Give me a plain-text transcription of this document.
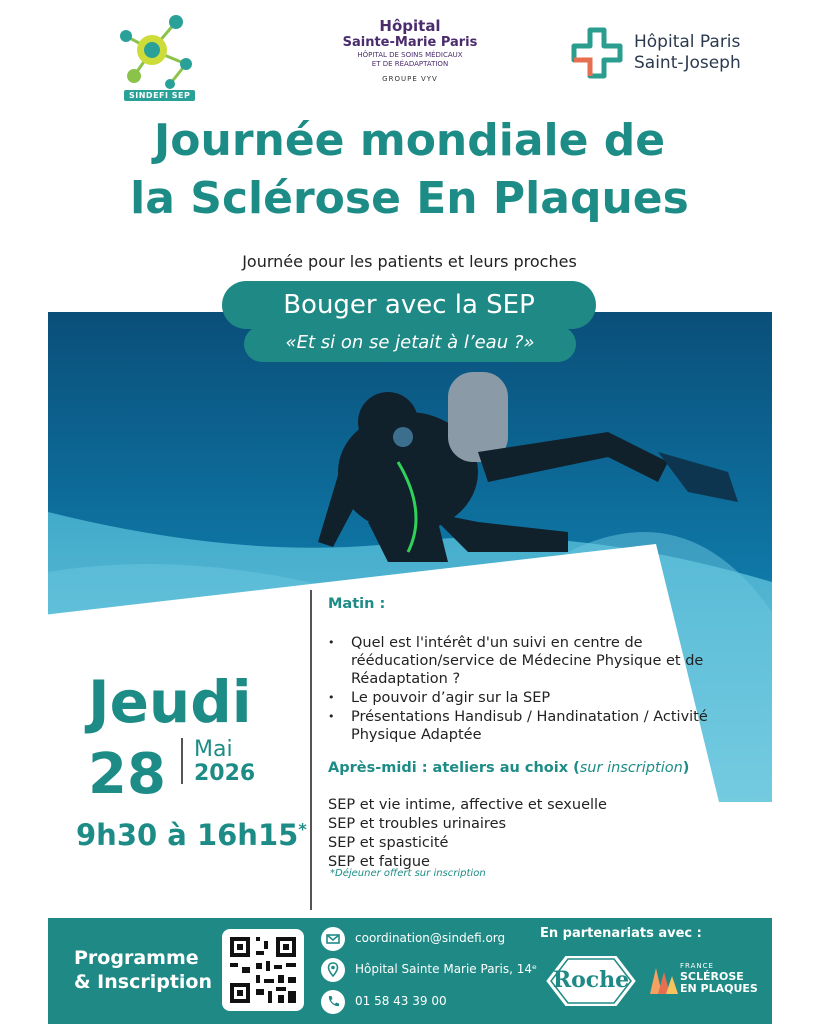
SINDEFI SEP
Hôpital
Sainte-Marie Paris
HÔPITAL DE SOINS MÉDICAUX
ET DE RÉADAPTATION
GROUPE VYV
Hôpital Paris
Saint-Joseph
Journée mondiale de
la Sclérose En Plaques
Journée pour les patients et leurs proches
Bouger avec la SEP
«Et si on se jetait à l’eau ?»
Jeudi
28 Mai
2026
9h30 à 16h15*
Matin :
• Quel est l'intérêt d'un suivi en centre de rééducation/service de Médecine Physique et de Réadaptation ?
• Le pouvoir d’agir sur la SEP
• Présentations Handisub / Handinatation / Activité Physique Adaptée
Après-midi : ateliers au choix (sur inscription)
SEP et vie intime, affective et sexuelle
SEP et troubles urinaires
SEP et spasticité
SEP et fatigue
*Déjeuner offert sur inscription
Programme
& Inscription
coordination@sindefi.org
Hôpital Sainte Marie Paris, 14ᵉ
01 58 43 39 00
En partenariats avec :
Roche
FRANCE
SCLÉROSE
EN PLAQUES
